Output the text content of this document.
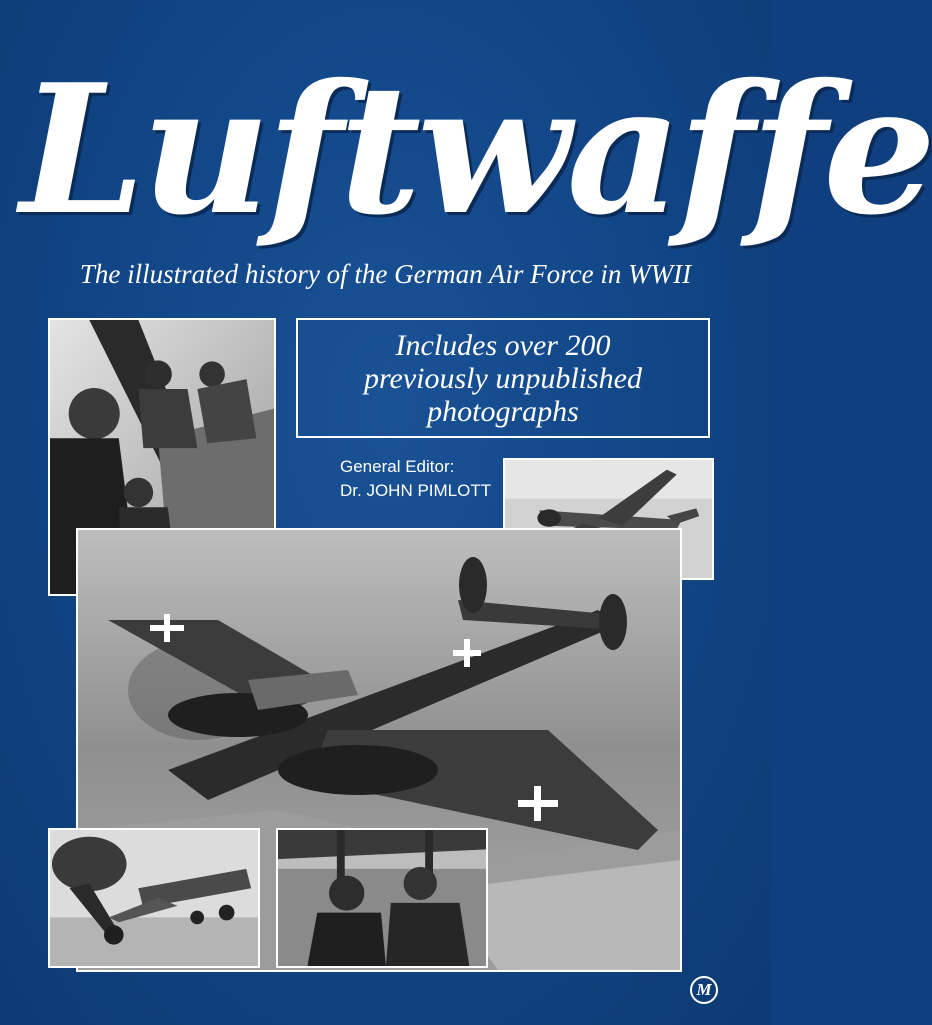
Luftwaffe
The illustrated history of the German Air Force in WWII
Includes over 200
previously unpublished
photographs
General Editor:
Dr. JOHN PIMLOTT
M
